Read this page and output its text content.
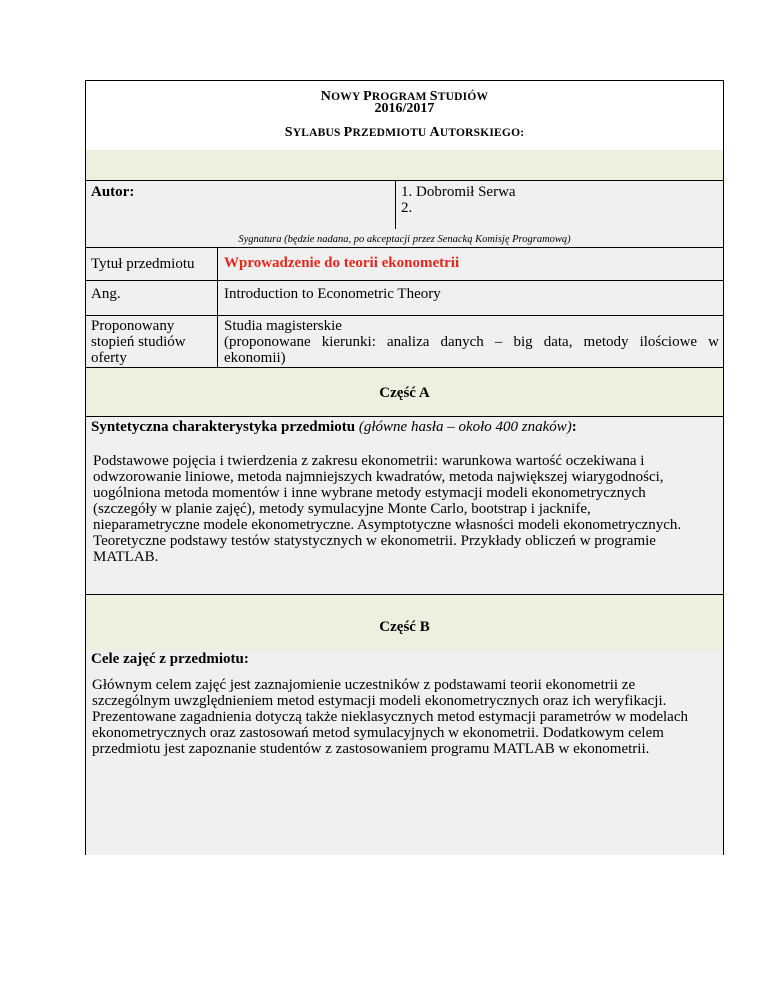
NOWY PROGRAM STUDIÓW
2016/2017
SYLABUS PRZEDMIOTU AUTORSKIEGO:
Autor:	1. Dobromił Serwa
2.
Sygnatura (będzie nadana, po akceptacji przez Senacką Komisję Programową)
Tytuł przedmiotu Wprowadzenie do teorii ekonometrii
Ang.	Introduction to Econometric Theory
Proponowany
stopień studiów
oferty
Studia magisterskie
(proponowane kierunki: analiza danych – big data, metody ilościowe w
ekonomii)
Część A
Syntetyczna charakterystyka przedmiotu (główne hasła – około 400 znaków):
Podstawowe pojęcia i twierdzenia z zakresu ekonometrii: warunkowa wartość oczekiwana i
odwzorowanie liniowe, metoda najmniejszych kwadratów, metoda największej wiarygodności,
uogólniona metoda momentów i inne wybrane metody estymacji modeli ekonometrycznych
(szczegóły w planie zajęć), metody symulacyjne Monte Carlo, bootstrap i jacknife,
nieparametryczne modele ekonometryczne. Asymptotyczne własności modeli ekonometrycznych.
Teoretyczne podstawy testów statystycznych w ekonometrii. Przykłady obliczeń w programie
MATLAB.
Część B
Cele zajęć z przedmiotu:
Głównym celem zajęć jest zaznajomienie uczestników z podstawami teorii ekonometrii ze
szczególnym uwzględnieniem metod estymacji modeli ekonometrycznych oraz ich weryfikacji.
Prezentowane zagadnienia dotyczą także nieklasycznych metod estymacji parametrów w modelach
ekonometrycznych oraz zastosowań metod symulacyjnych w ekonometrii. Dodatkowym celem
przedmiotu jest zapoznanie studentów z zastosowaniem programu MATLAB w ekonometrii.
